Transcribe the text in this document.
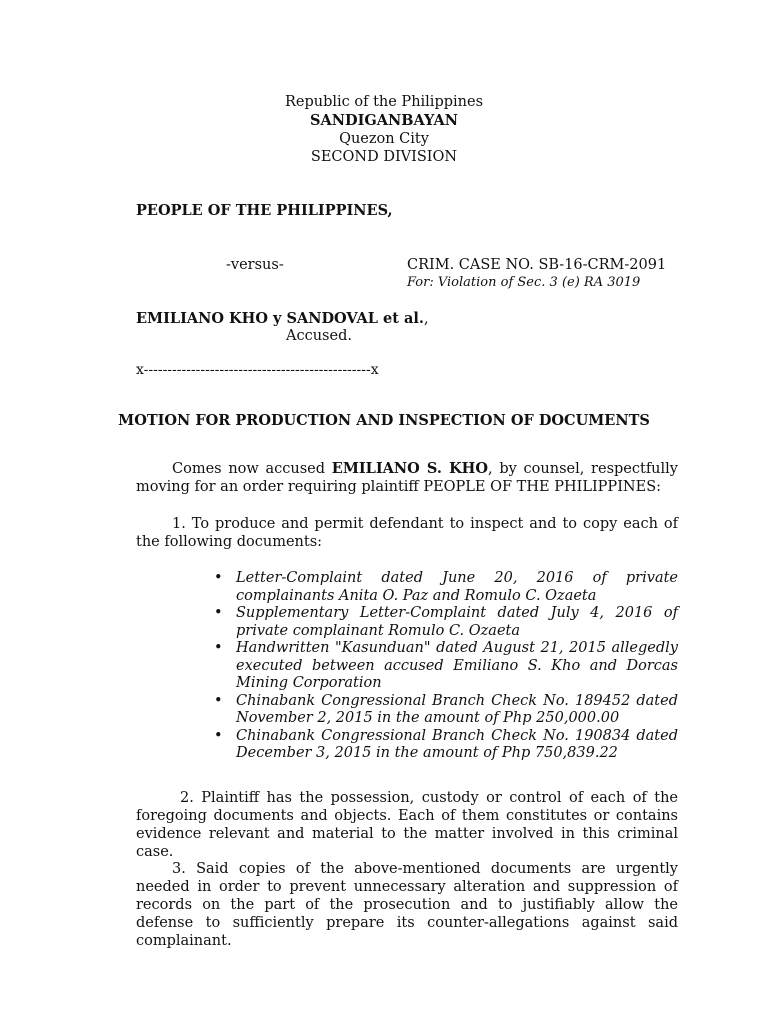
Republic of the Philippines
SANDIGANBAYAN
Quezon City
SECOND DIVISION
PEOPLE OF THE PHILIPPINES,
-versus-	CRIM. CASE NO. SB-16-CRM-2091
For: Violation of Sec. 3 (e) RA 3019
EMILIANO KHO y SANDOVAL et al.,
Accused.
x------------------------------------------------x
MOTION FOR PRODUCTION AND INSPECTION OF DOCUMENTS
Comes now accused EMILIANO S. KHO, by counsel, respectfully moving for an order requiring plaintiff PEOPLE OF THE PHILIPPINES:
1. To produce and permit defendant to inspect and to copy each of the following documents:
• Letter-Complaint dated June 20, 2016 of private complainants Anita O. Paz and Romulo C. Ozaeta
• Supplementary Letter-Complaint dated July 4, 2016 of private complainant Romulo C. Ozaeta
• Handwritten "Kasunduan" dated August 21, 2015 allegedly executed between accused Emiliano S. Kho and Dorcas Mining Corporation
• Chinabank Congressional Branch Check No. 189452 dated November 2, 2015 in the amount of Php 250,000.00
• Chinabank Congressional Branch Check No. 190834 dated December 3, 2015 in the amount of Php 750,839.22
2. Plaintiff has the possession, custody or control of each of the foregoing documents and objects. Each of them constitutes or contains evidence relevant and material to the matter involved in this criminal case.
3. Said copies of the above-mentioned documents are urgently needed in order to prevent unnecessary alteration and suppression of records on the part of the prosecution and to justifiably allow the defense to sufficiently prepare its counter-allegations against said complainant.
